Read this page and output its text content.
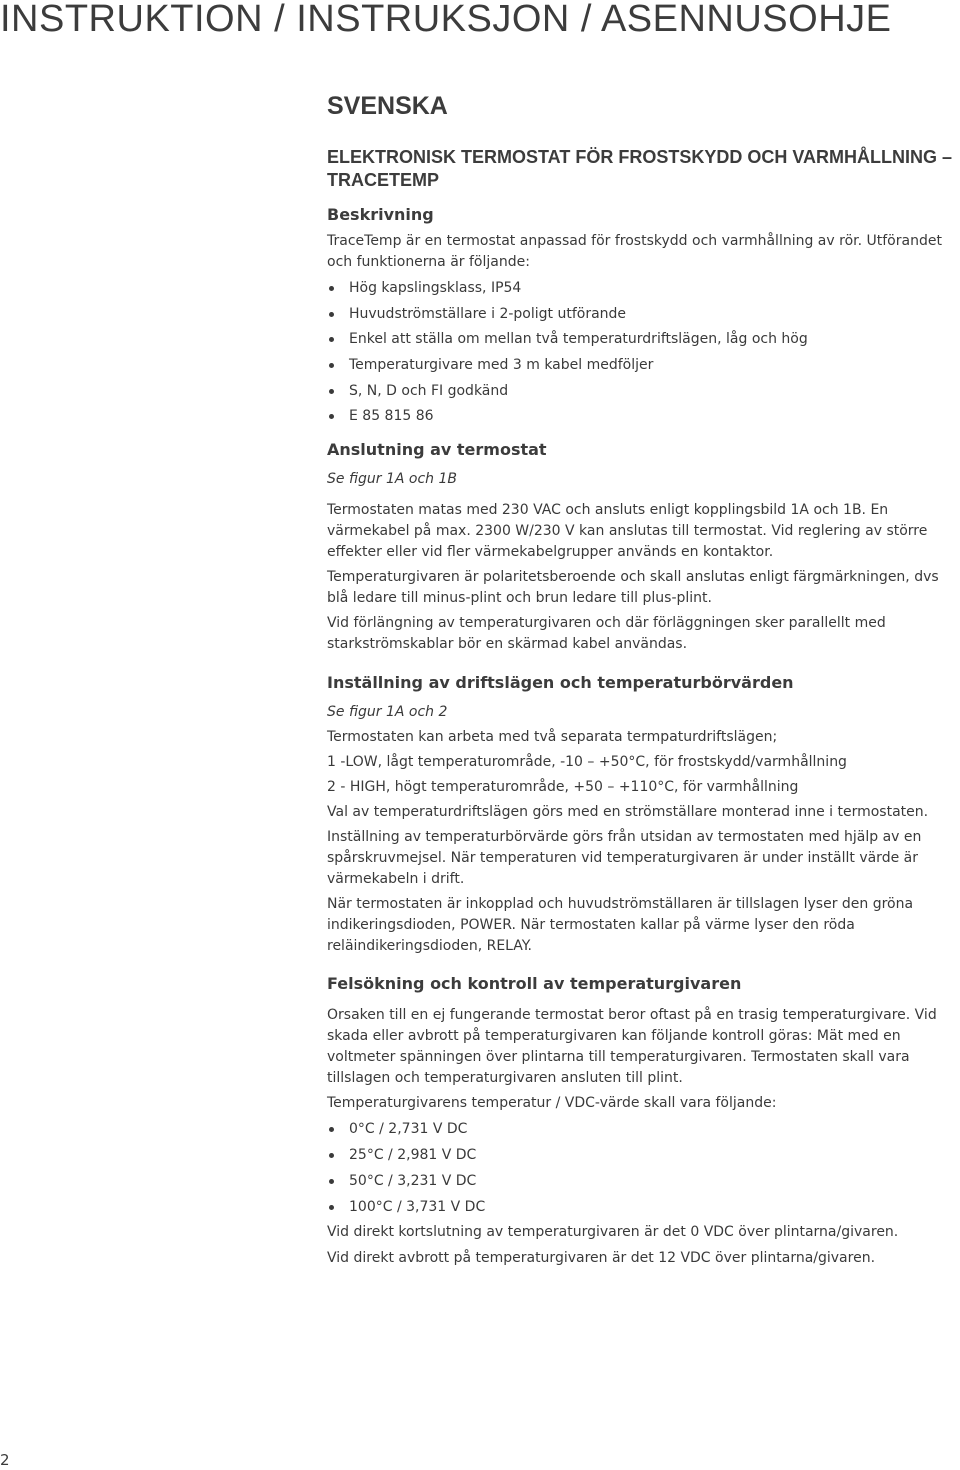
INSTRUKTION / INSTRUKSJON / ASENNUSOHJE
SVENSKA
ELEKTRONISK TERMOSTAT FÖR FROSTSKYDD OCH VARMHÅLLNING –
TRACETEMP
Beskrivning

TraceTemp är en termostat anpassad för frostskydd och varmhållning av rör. Utförandet och funktionerna är följande:

Hög kapslingsklass, IP54
Huvudströmställare i 2-poligt utförande
Enkel att ställa om mellan två temperaturdriftslägen, låg och hög
Temperaturgivare med 3 m kabel medföljer
S, N, D och FI godkänd
E 85 815 86
Anslutning av termostat

Se figur 1A och 1B

Termostaten matas med 230 VAC och ansluts enligt kopplingsbild 1A och 1B. En värmekabel på max. 2300 W/230 V kan anslutas till termostat. Vid reglering av större effekter eller vid fler värmekabelgrupper används en kontaktor.

Temperaturgivaren är polaritetsberoende och skall anslutas enligt färgmärkningen, dvs blå ledare till minus-plint och brun ledare till plus-plint.

Vid förlängning av temperaturgivaren och där förläggningen sker parallellt med starkströmskablar bör en skärmad kabel användas.

Inställning av driftslägen och temperaturbörvärden

Se figur 1A och 2

Termostaten kan arbeta med två separata termpaturdriftslägen;

1 -LOW, lågt temperaturområde, -10 – +50°C, för frostskydd/varmhållning

2 - HIGH, högt temperaturområde, +50 – +110°C, för varmhållning

Val av temperaturdriftslägen görs med en strömställare monterad inne i termostaten.

Inställning av temperaturbörvärde görs från utsidan av termostaten med hjälp av en spårskruvmejsel. När temperaturen vid temperaturgivaren är under inställt värde är värmekabeln i drift.

När termostaten är inkopplad och huvudströmställaren är tillslagen lyser den gröna indikeringsdioden, POWER. När termostaten kallar på värme lyser den röda reläindikeringsdioden, RELAY.

Felsökning och kontroll av temperaturgivaren

Orsaken till en ej fungerande termostat beror oftast på en trasig temperaturgivare. Vid skada eller avbrott på temperaturgivaren kan följande kontroll göras: Mät med en voltmeter spänningen över plintarna till temperaturgivaren. Termostaten skall vara tillslagen och temperaturgivaren ansluten till plint.

Temperaturgivarens temperatur / VDC-värde skall vara följande:

0°C / 2,731 V DC
25°C / 2,981 V DC
50°C / 3,231 V DC
100°C / 3,731 V DC

Vid direkt kortslutning av temperaturgivaren är det 0 VDC över plintarna/givaren.

Vid direkt avbrott på temperaturgivaren är det 12 VDC över plintarna/givaren.

2
